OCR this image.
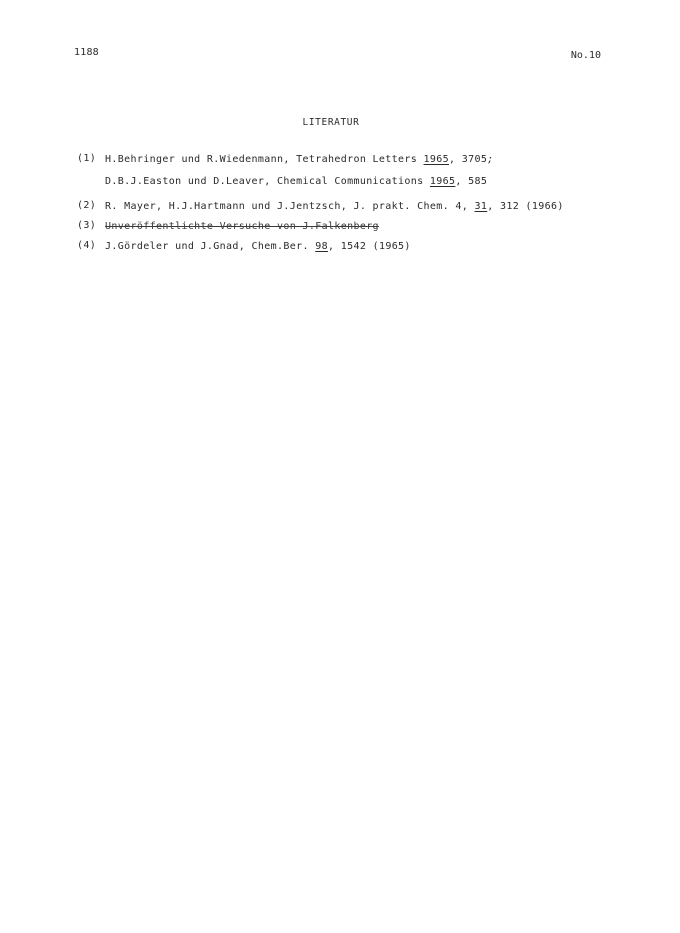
1188	No.10
LITERATUR
(1) H.Behringer und R.Wiedenmann, Tetrahedron Letters 1965, 3705;
D.B.J.Easton und D.Leaver, Chemical Communications 1965, 585
(2) R. Mayer, H.J.Hartmann und J.Jentzsch, J. prakt. Chem. 4, 31, 312 (1966)
(3) Unveröffentlichte Versuche von J.Falkenberg
(4) J.Gördeler und J.Gnad, Chem.Ber. 98, 1542 (1965)
